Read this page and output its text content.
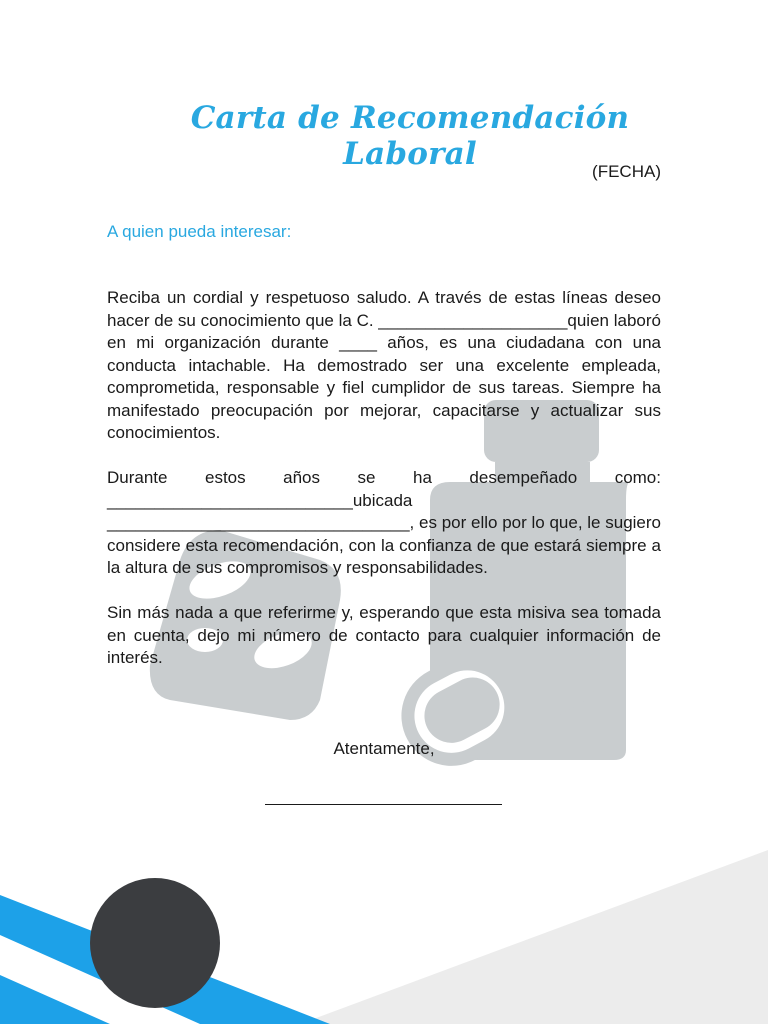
Carta de Recomendación Laboral	(FECHA)
A quien pueda interesar:

Reciba un cordial y respetuoso saludo. A través de estas líneas deseo hacer de su conocimiento que la C. ____________________quien laboró en mi organización durante ____ años, es una ciudadana con una conducta intachable. Ha demostrado ser una excelente empleada, comprometida, responsable y fiel cumplidor de sus tareas. Siempre ha manifestado preocupación por mejorar, capacitarse y actualizar sus conocimientos.

Durante estos años se ha desempeñado como: __________________________ubicada ________________________________, es por ello por lo que, le sugiero considere esta recomendación, con la confianza de que estará siempre a la altura de sus compromisos y responsabilidades.

Sin más nada a que referirme y, esperando que esta misiva sea tomada en cuenta, dejo mi número de contacto para cualquier información de interés.

Atentamente,
